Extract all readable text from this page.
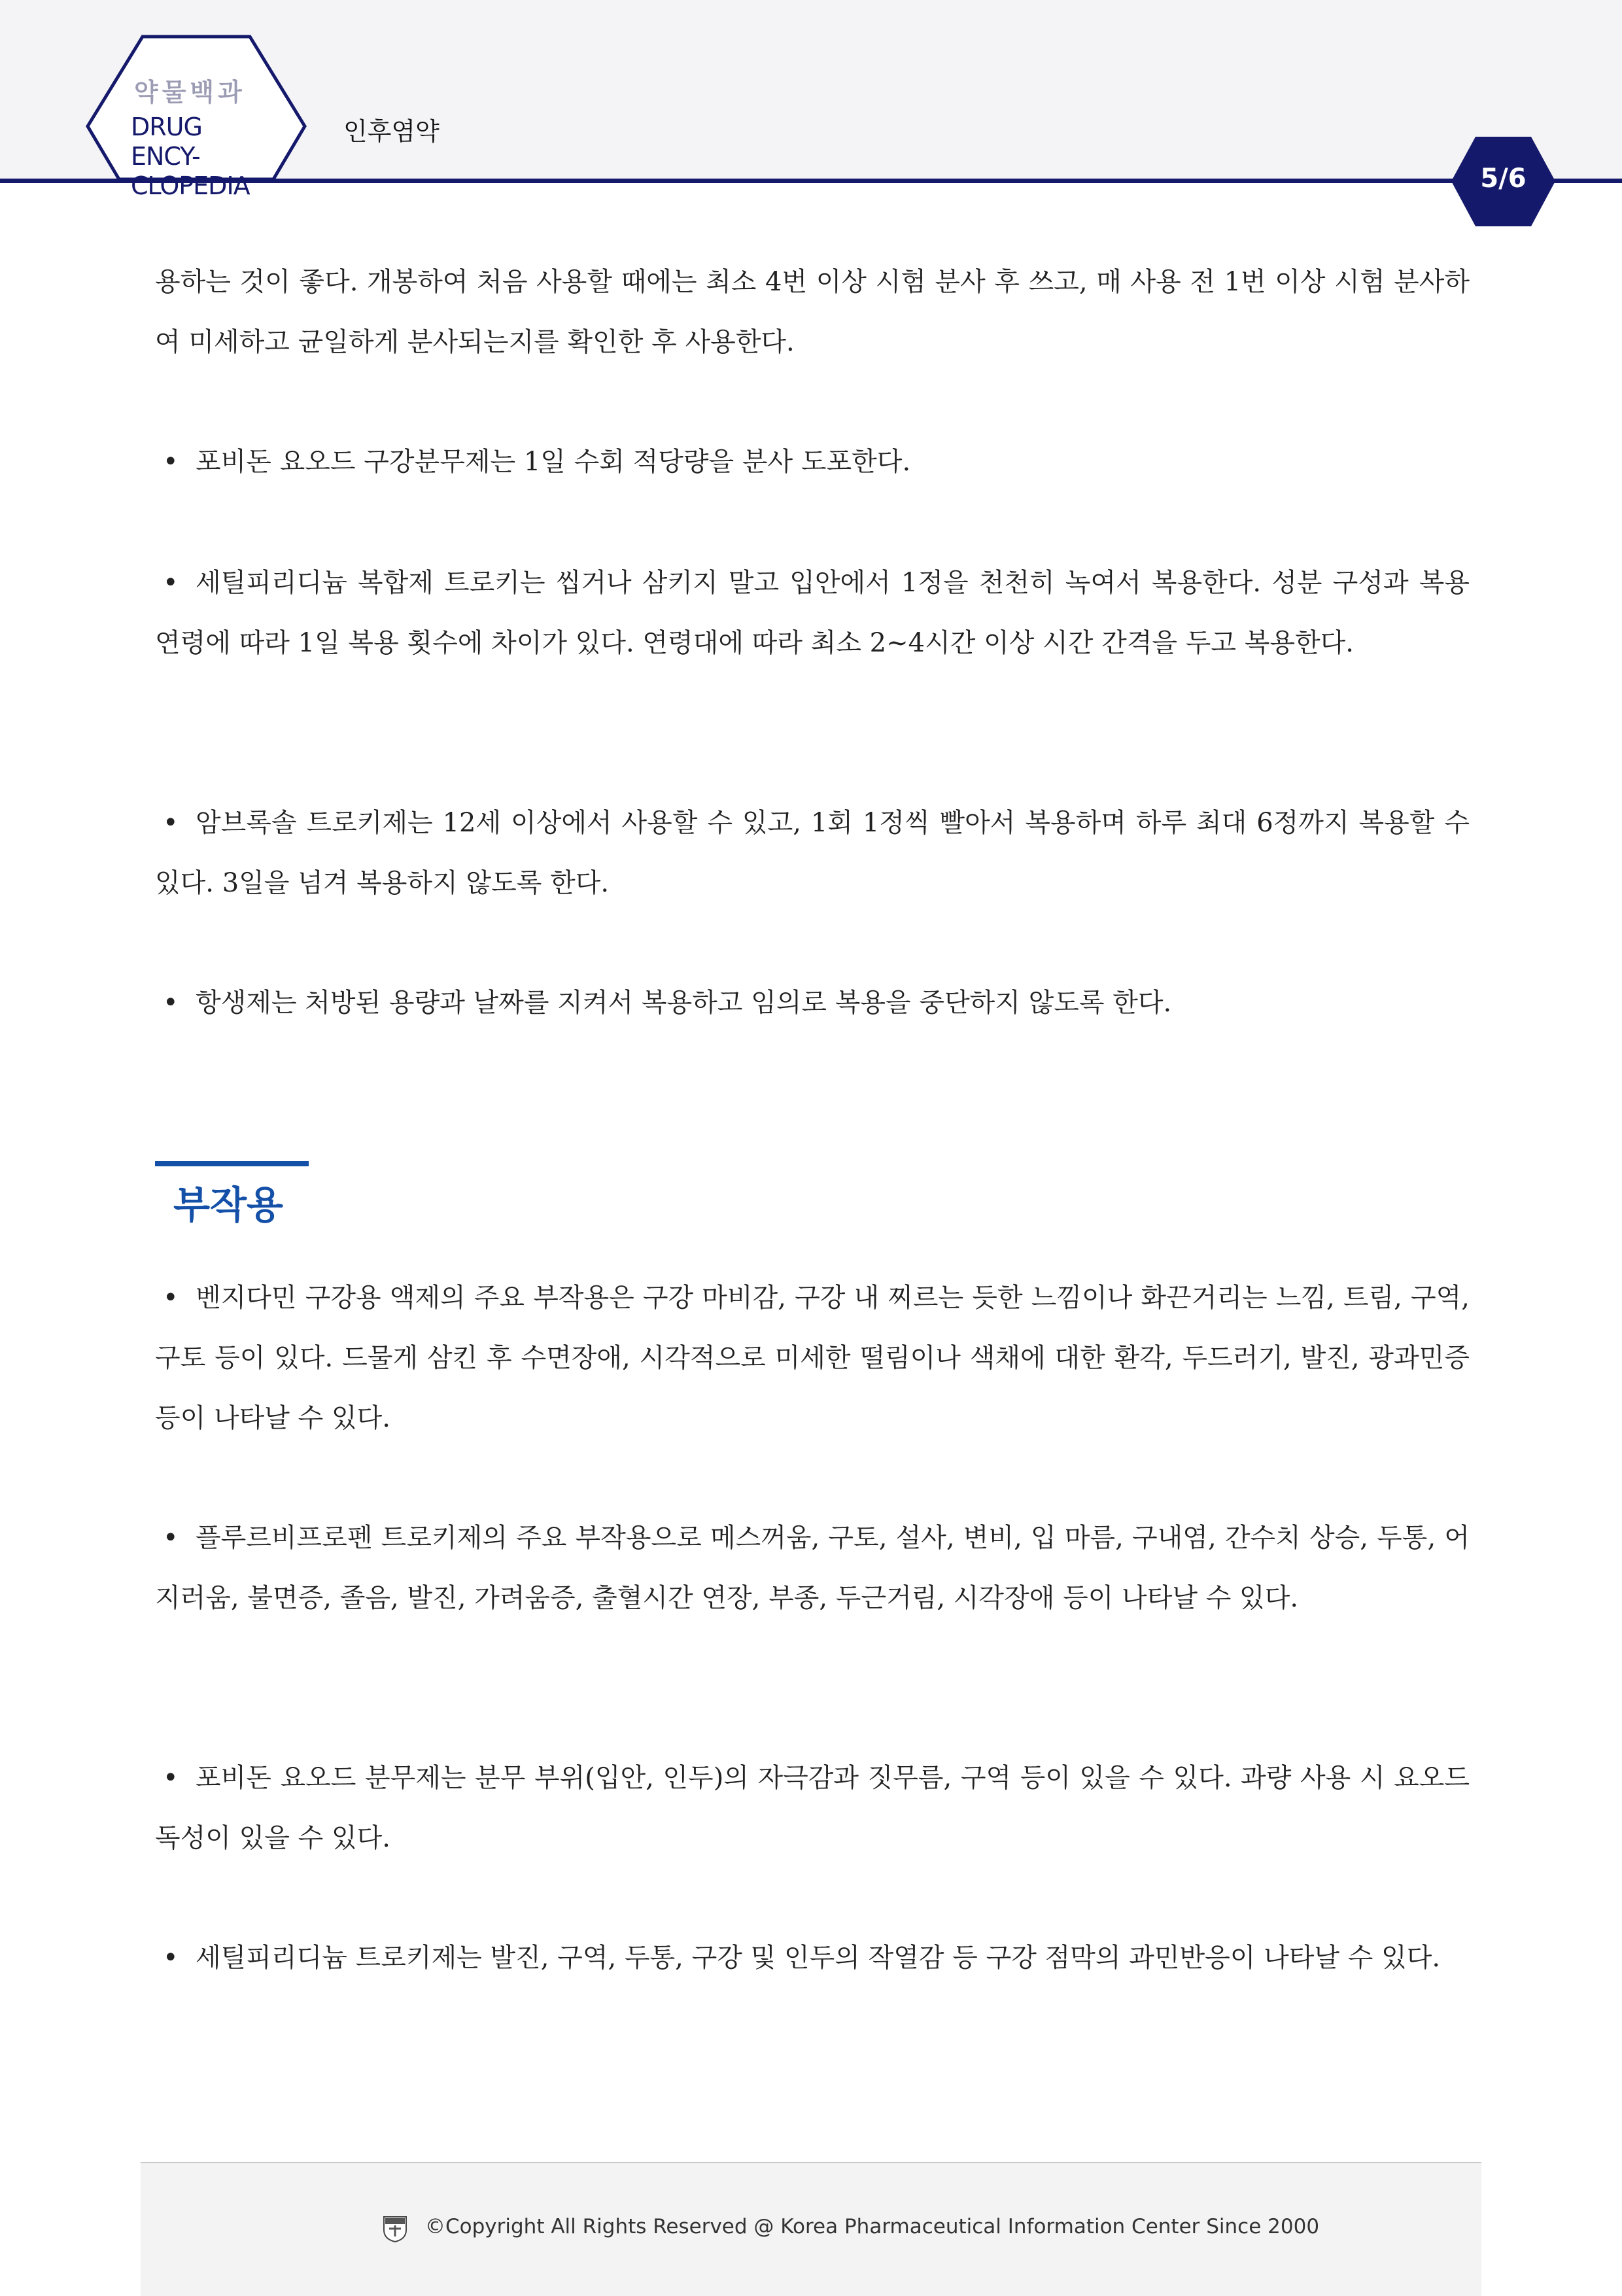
약물백과
DRUG ENCY-
CLOPEDIA
인후염약
5/6
용하는 것이 좋다. 개봉하여 처음 사용할 때에는 최소 4번 이상 시험 분사 후 쓰고, 매 사용 전 1번 이상 시험 분사하여 미세하고 균일하게 분사되는지를 확인한 후 사용한다.
• 포비돈 요오드 구강분무제는 1일 수회 적당량을 분사 도포한다.
• 세틸피리디늄 복합제 트로키는 씹거나 삼키지 말고 입안에서 1정을 천천히 녹여서 복용한다. 성분 구성과 복용 연령에 따라 1일 복용 횟수에 차이가 있다. 연령대에 따라 최소 2~4시간 이상 시간 간격을 두고 복용한다.
• 암브록솔 트로키제는 12세 이상에서 사용할 수 있고, 1회 1정씩 빨아서 복용하며 하루 최대 6정까지 복용할 수 있다. 3일을 넘겨 복용하지 않도록 한다.
• 항생제는 처방된 용량과 날짜를 지켜서 복용하고 임의로 복용을 중단하지 않도록 한다.
부작용
• 벤지다민 구강용 액제의 주요 부작용은 구강 마비감, 구강 내 찌르는 듯한 느낌이나 화끈거리는 느낌, 트림, 구역, 구토 등이 있다. 드물게 삼킨 후 수면장애, 시각적으로 미세한 떨림이나 색채에 대한 환각, 두드러기, 발진, 광과민증 등이 나타날 수 있다.
• 플루르비프로펜 트로키제의 주요 부작용으로 메스꺼움, 구토, 설사, 변비, 입 마름, 구내염, 간수치 상승, 두통, 어지러움, 불면증, 졸음, 발진, 가려움증, 출혈시간 연장, 부종, 두근거림, 시각장애 등이 나타날 수 있다.
• 포비돈 요오드 분무제는 분무 부위(입안, 인두)의 자극감과 짓무름, 구역 등이 있을 수 있다. 과량 사용 시 요오드 독성이 있을 수 있다.
• 세틸피리디늄 트로키제는 발진, 구역, 두통, 구강 및 인두의 작열감 등 구강 점막의 과민반응이 나타날 수 있다.
©Copyright All Rights Reserved @ Korea Pharmaceutical Information Center Since 2000
